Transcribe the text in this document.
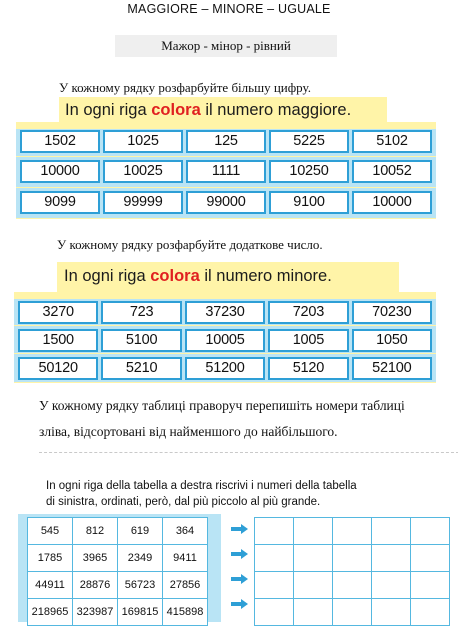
MAGGIORE – MINORE – UGUALE
Мажор - мінор - рівний
У кожному рядку розфарбуйте більшу цифру.
In ogni riga colora il numero maggiore.
1502	1025	125	5225	5102
10000	10025	1111	10250	10052
9099	99999	99000	9100	10000
У кожному рядку розфарбуйте додаткове число.
In ogni riga colora il numero minore.
3270	723	37230	7203	70230
1500	5100	10005	1005	1050
50120	5210	51200	5120	52100
У кожному рядку таблиці праворуч перепишіть номери таблиці
зліва, відсортовані від найменшого до найбільшого.
In ogni riga della tabella a destra riscrivi i numeri della tabella
di sinistra, ordinati, però, dal più piccolo al più grande.
545	812	619	364
1785	3965	2349	9411
44911	28876	56723	27856
218965	323987	169815	415898
